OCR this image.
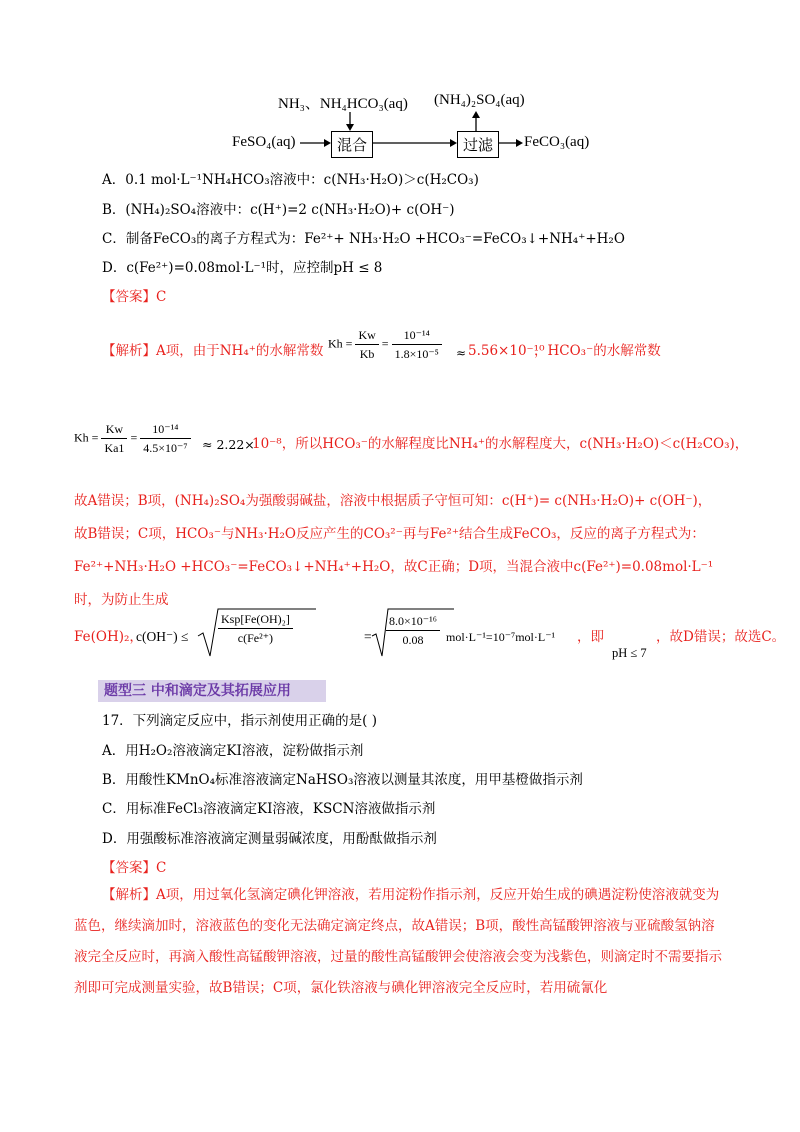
NH₃、NH₄HCO₃(aq) (NH₄)₂SO₄(aq)
FeSO₄(aq)	混合	过滤	FeCO₃(aq)
A．0.1 mol·L⁻¹NH₄HCO₃溶液中：c(NH₃·H₂O)＞c(H₂CO₃)
B．(NH₄)₂SO₄溶液中：c(H⁺)=2 c(NH₃·H₂O)+ c(OH⁻)
C．制备FeCO₃的离子方程式为：Fe²⁺+ NH₃·H₂O +HCO₃⁻=FeCO₃↓+NH₄⁺+H₂O
D．c(Fe²⁺)=0.08mol·L⁻¹时，应控制pH ≤ 8
【答案】C
【解析】 A项，由于NH₄⁺的水解常数 $Kh = \frac{Kw}{Kb} = \frac{\text{10⁻¹⁴}}{\text{1.8×10⁻⁵}} \approx 5.56\times 10^{-10}$
，HCO₃⁻的水解常数
$Kh = \frac{Kw}{Ka1} = \frac{\text{10⁻¹⁴}}{\text{4.5×10⁻⁷}} \approx 2.22\times$
10⁻⁸，所以HCO₃⁻的水解程度比NH₄⁺的水解程度大，c(NH₃·H₂O)＜c(H₂CO₃)，
故A错误；B项，(NH₄)₂SO₄为强酸弱碱盐，溶液中根据质子守恒可知：c(H⁺)= c(NH₃·H₂O)+ c(OH⁻)，故B错误；C项，HCO₃⁻与NH₃·H₂O反应产生的CO₃²⁻再与Fe²⁺结合生成FeCO₃，反应的离子方程式为：Fe²⁺+NH₃·H₂O +HCO₃⁻=FeCO₃↓+NH₄⁺+H₂O，故C正确；D项，当混合液中c(Fe²⁺)=0.08mol·L⁻¹时，为防止生成
Fe(OH)₂，
$c(OH^-) \le \frac{\text{Ksp[Fe(OH)₂]}}{\text{c(Fe²⁺)}}$	= $\frac{\text{8.0×10⁻¹⁶}}{0.08} mol\cdot L^{-1}=10^{-7}mol\cdot L^{-1}$ ，即
pH ≤ 7
，故D错误；故选C。
题型三 中和滴定及其拓展应用
17．下列滴定反应中，指示剂使用正确的是( )
A．用H₂O₂溶液滴定KI溶液，淀粉做指示剂
B．用酸性KMnO₄标准溶液滴定NaHSO₃溶液以测量其浓度，用甲基橙做指示剂
C．用标准FeCl₃溶液滴定KI溶液，KSCN溶液做指示剂
D．用强酸标准溶液滴定测量弱碱浓度，用酚酞做指示剂
【答案】C
【解析】A项，用过氧化氢滴定碘化钾溶液，若用淀粉作指示剂，反应开始生成的碘遇淀粉使溶液就变为蓝色，继续滴加时，溶液蓝色的变化无法确定滴定终点，故A错误；B项，酸性高锰酸钾溶液与亚硫酸氢钠溶液完全反应时，再滴入酸性高锰酸钾溶液，过量的酸性高锰酸钾会使溶液会变为浅紫色，则滴定时不需要指示剂即可完成测量实验，故B错误；C项，氯化铁溶液与碘化钾溶液完全反应时，若用硫氰化
